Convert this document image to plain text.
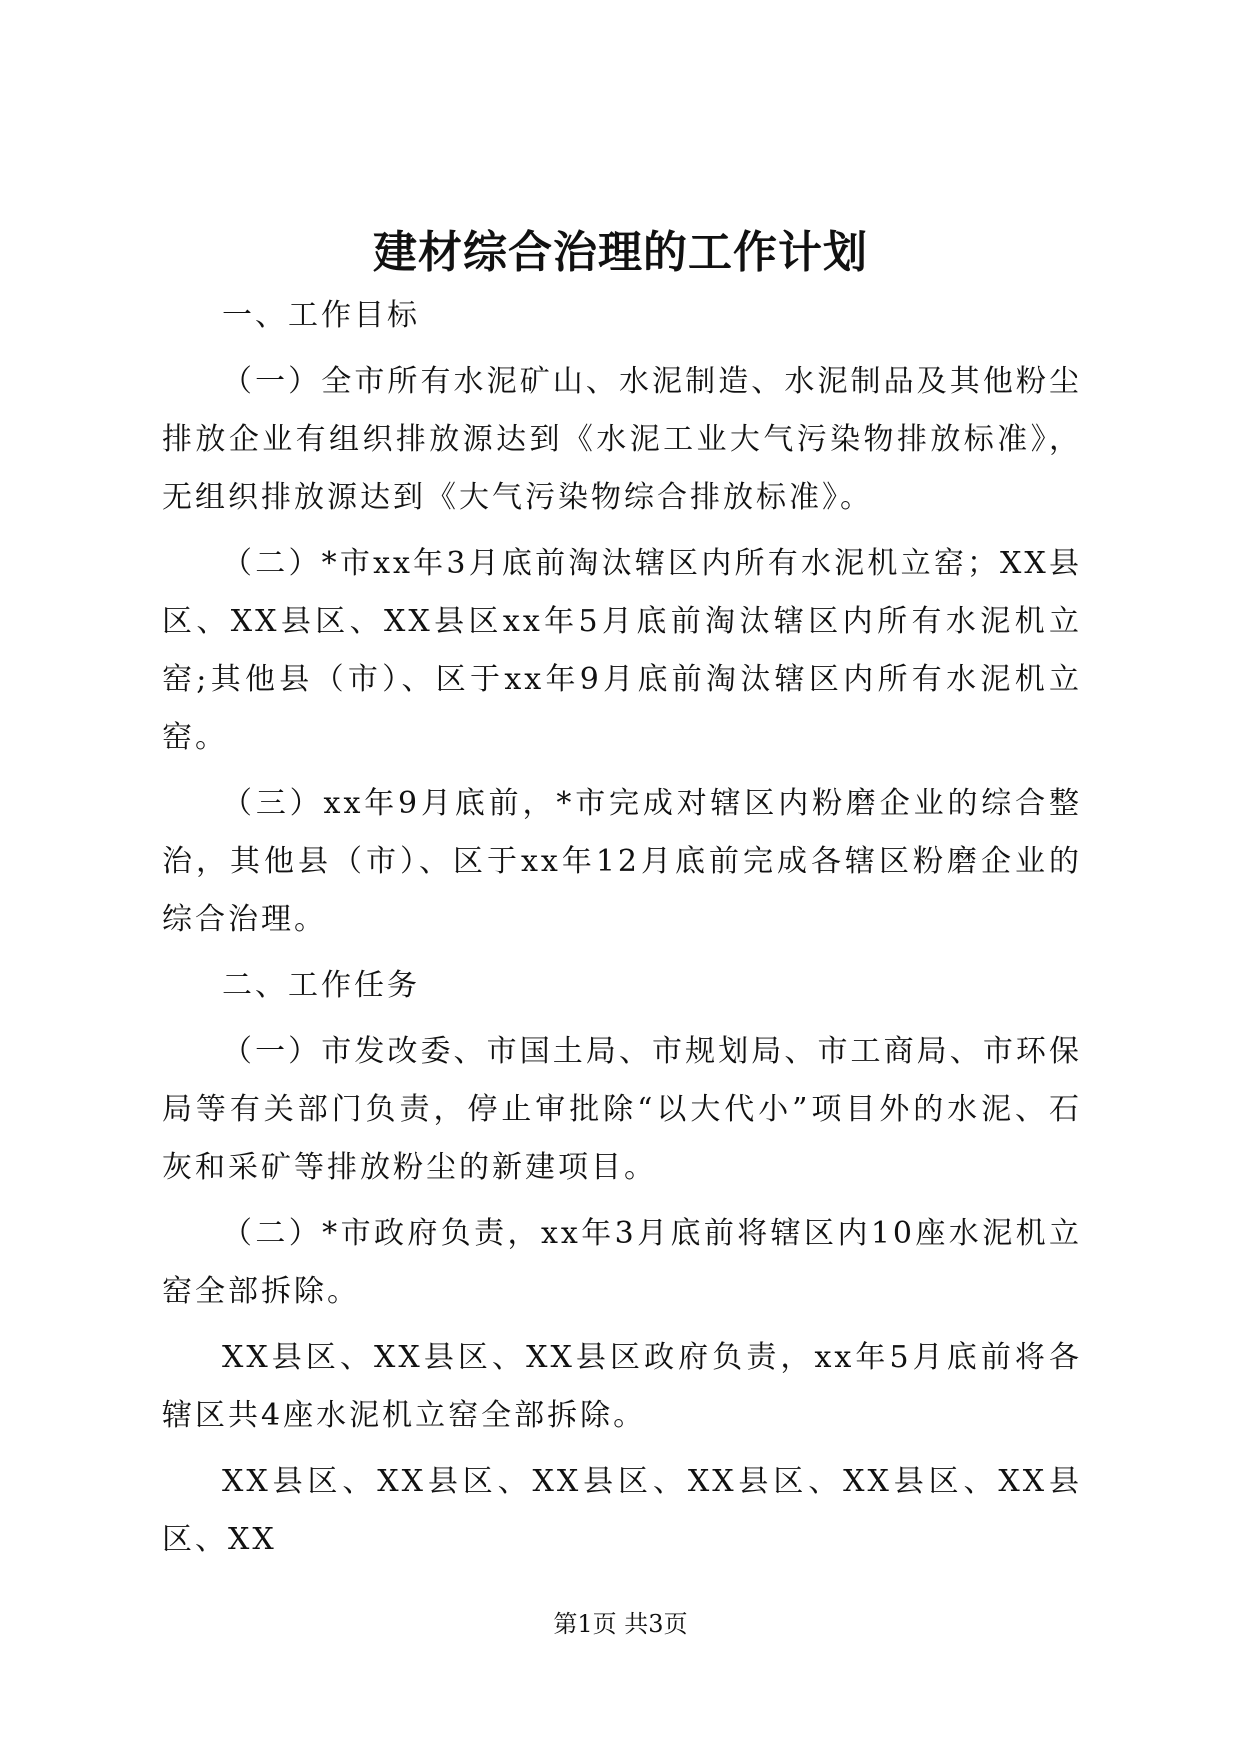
建材综合治理的工作计划

一、工作目标

（一）全市所有水泥矿山、水泥制造、水泥制品及其他粉尘排放企业有组织排放源达到《水泥工业大气污染物排放标准》，无组织排放源达到《大气污染物综合排放标准》。

（二）*市xx年3月底前淘汰辖区内所有水泥机立窑；XX县区、XX县区、XX县区xx年5月底前淘汰辖区内所有水泥机立窑;其他县（市）、区于xx年9月底前淘汰辖区内所有水泥机立窑。

（三）xx年9月底前，*市完成对辖区内粉磨企业的综合整治，其他县（市）、区于xx年12月底前完成各辖区粉磨企业的综合治理。

二、工作任务

（一）市发改委、市国土局、市规划局、市工商局、市环保局等有关部门负责，停止审批除“以大代小”项目外的水泥、石灰和采矿等排放粉尘的新建项目。

（二）*市政府负责，xx年3月底前将辖区内10座水泥机立窑全部拆除。

XX县区、XX县区、XX县区政府负责，xx年5月底前将各辖区共4座水泥机立窑全部拆除。

XX县区、XX县区、XX县区、XX县区、XX县区、XX县区、XX

第1页 共3页
